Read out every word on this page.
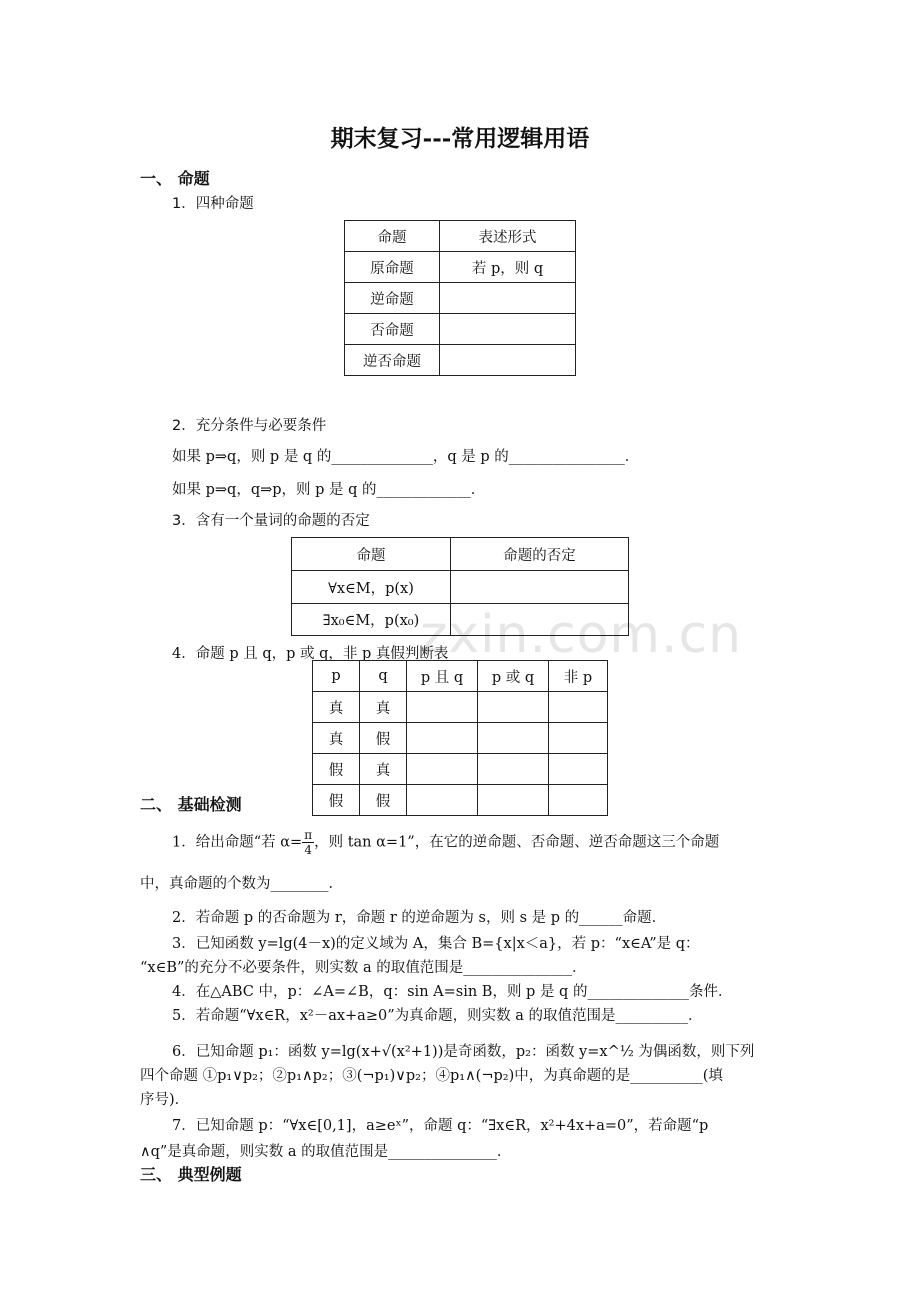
zxin.com.cn
期末复习---常用逻辑用语
一、 命题
1．四种命题
命题	表述形式
原命题	若 p，则 q
逆命题	
否命题	
逆否命题	
2．充分条件与必要条件
如果 p⇒q，则 p 是 q 的______________，q 是 p 的________________．
如果 p⇒q，q⇒p，则 p 是 q 的_____________．
3．含有一个量词的命题的否定
命题	命题的否定
∀x∈M，p(x)	
∃x₀∈M，p(x₀)	
4．命题 p 且 q，p 或 q，非 p 真假判断表
p	q	p 且 q	p 或 q	非 p
真	真			
真	假			
假	真			
假	假			
二、 基础检测
1．给出命题“若 $\alpha= \frac{\pi}{4}$ ，则 tan α=1”，在它的逆命题、否命题、逆否命题这三个命题
中，真命题的个数为________．
2．若命题 p 的否命题为 r，命题 r 的逆命题为 s，则 s 是 p 的______命题．
3．已知函数 y=lg(4－x)的定义域为 A，集合 B={x|x＜a}，若 p：“x∈A”是 q：
“x∈B”的充分不必要条件，则实数 a 的取值范围是_______________．
4．在△ABC 中，p：∠A=∠B，q：sin A=sin B，则 p 是 q 的______________条件．
5．若命题“∀x∈R，x²－ax+a≥0”为真命题，则实数 a 的取值范围是__________．
6．已知命题 p₁：函数 y=lg(x+√(x²+1))是奇函数，p₂：函数 y=x^½ 为偶函数，则下列
四个命题 ①p₁∨p₂；②p₁∧p₂；③(¬p₁)∨p₂；④p₁∧(¬p₂)中，为真命题的是__________(填
序号)．
7．已知命题 p：“∀x∈[0,1]，a≥eˣ”，命题 q：“∃x∈R，x²+4x+a=0”，若命题“p
∧q”是真命题，则实数 a 的取值范围是_______________．
三、 典型例题
